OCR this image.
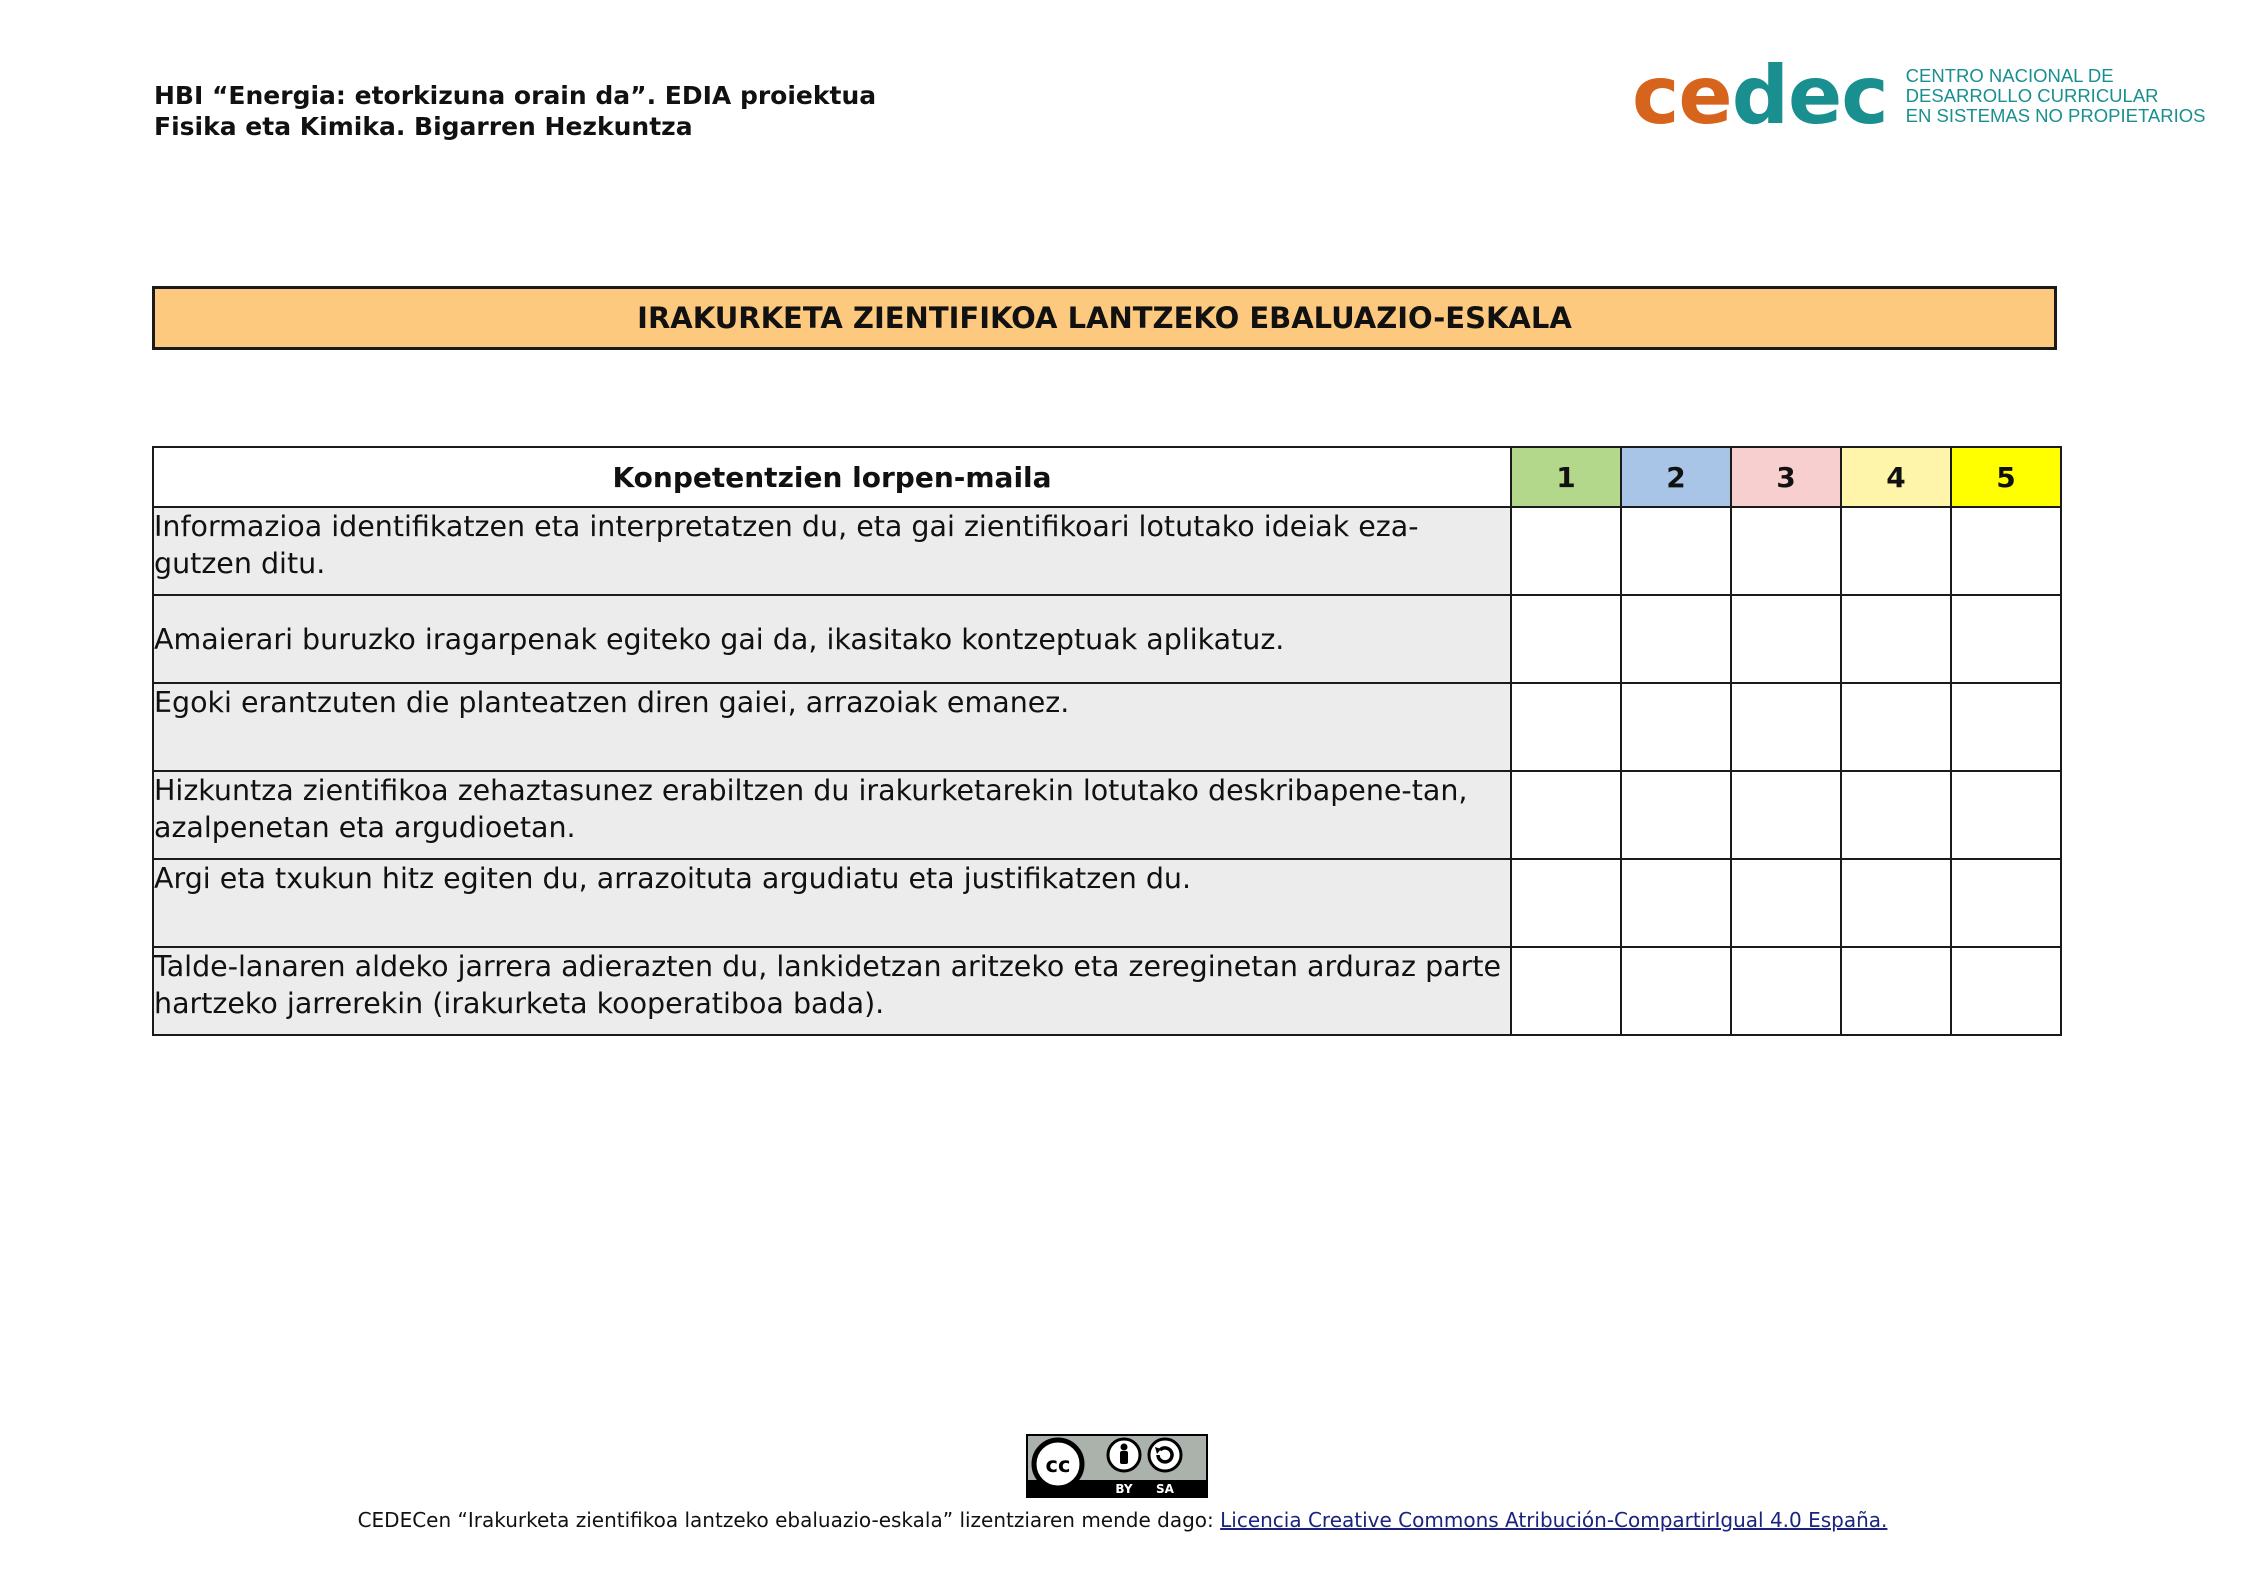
HBI “Energia: etorkizuna orain da”. EDIA proiektua
Fisika eta Kimika. Bigarren Hezkuntza	cedec CENTRO NACIONAL DE
DESARROLLO CURRICULAR
EN SISTEMAS NO PROPIETARIOS
IRAKURKETA ZIENTIFIKOA LANTZEKO EBALUAZIO-ESKALA
Konpetentzien lorpen-maila	1	2	3	4	5
Informazioa identifikatzen eta interpretatzen du, eta gai zientifikoari lotutako ideiak eza-gutzen ditu.					
Amaierari buruzko iragarpenak egiteko gai da, ikasitako kontzeptuak aplikatuz.					
Egoki erantzuten die planteatzen diren gaiei, arrazoiak emanez.					
Hizkuntza zientifikoa zehaztasunez erabiltzen du irakurketarekin lotutako deskribapene-tan, azalpenetan eta argudioetan.					
Argi eta txukun hitz egiten du, arrazoituta argudiatu eta justifikatzen du.					
Talde-lanaren aldeko jarrera adierazten du, lankidetzan aritzeko eta zereginetan arduraz parte hartzeko jarrerekin (irakurketa kooperatiboa bada).					
cc
BY SA
CEDECen “Irakurketa zientifikoa lantzeko ebaluazio-eskala” lizentziaren mende dago: Licencia Creative Commons Atribución-CompartirIgual 4.0 España.
